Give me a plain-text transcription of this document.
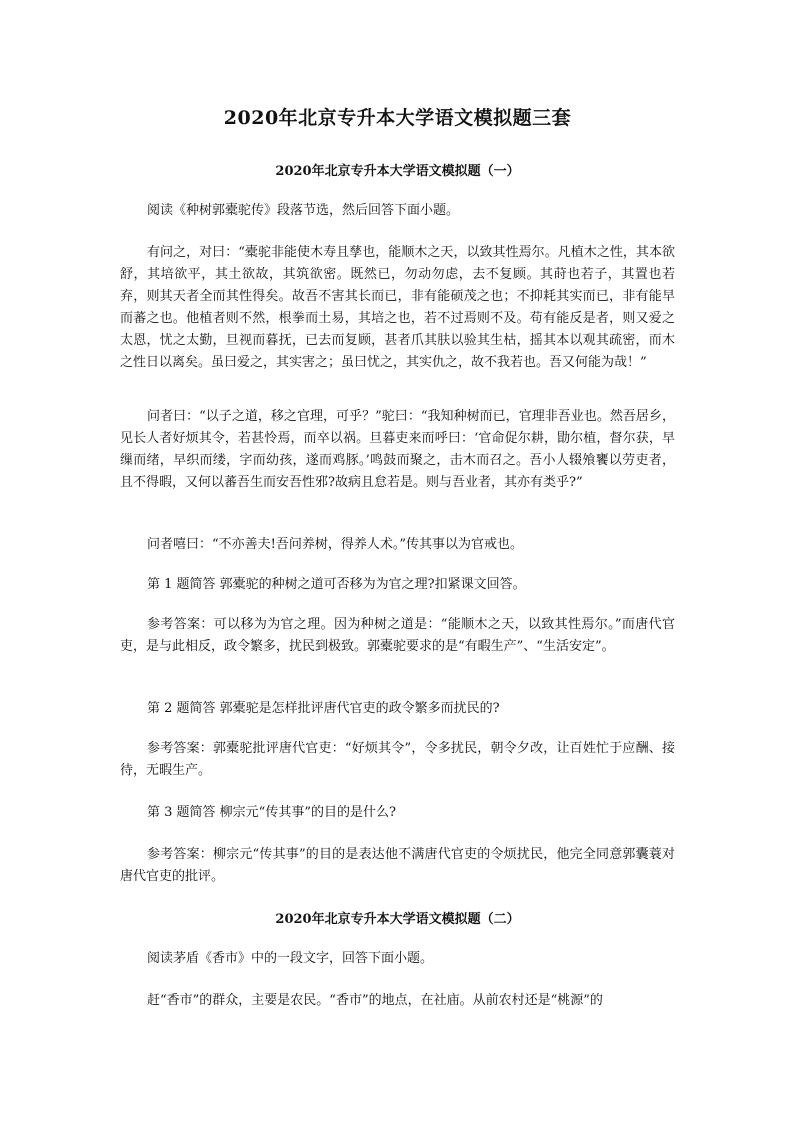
2020年北京专升本大学语文模拟题三套
2020年北京专升本大学语文模拟题（一）
阅读《种树郭橐驼传》段落节选，然后回答下面小题。
有问之，对曰：“橐驼非能使木寿且孳也，能顺木之天，以致其性焉尔。凡植木之性，其本欲舒，其培欲平，其土欲故，其筑欲密。既然已，勿动勿虑，去不复顾。其莳也若子，其置也若弃，则其天者全而其性得矣。故吾不害其长而已，非有能硕茂之也；不抑耗其实而已，非有能早而蕃之也。他植者则不然，根拳而土易，其培之也，若不过焉则不及。苟有能反是者，则又爱之太恩，忧之太勤，旦视而暮抚，已去而复顾，甚者爪其肤以验其生枯，摇其本以观其疏密，而木之性日以离矣。虽曰爱之，其实害之；虽曰忧之，其实仇之，故不我若也。吾又何能为哉！”
问者曰：“以子之道，移之官理，可乎？”驼曰：“我知种树而已，官理非吾业也。然吾居乡，见长人者好烦其令，若甚怜焉，而卒以祸。旦暮吏来而呼曰：‘官命促尔耕，勖尔植，督尔获，早缫而绪，早织而缕，字而幼孩，遂而鸡豚。’鸣鼓而聚之，击木而召之。吾小人辍飧饔以劳吏者，且不得暇，又何以蕃吾生而安吾性邪?故病且怠若是。则与吾业者，其亦有类乎?”
问者嘻曰：“不亦善夫!吾问养树，得养人术。”传其事以为官戒也。
第 1 题简答 郭橐驼的种树之道可否移为为官之理?扣紧课文回答。
参考答案：可以移为为官之理。因为种树之道是：“能顺木之天，以致其性焉尔。”而唐代官吏，是与此相反，政令繁多，扰民到极致。郭橐驼要求的是“有暇生产”、“生活安定”。
第 2 题简答 郭橐驼是怎样批评唐代官吏的政令繁多而扰民的?
参考答案：郭橐驼批评唐代官吏：“好烦其令”，令多扰民，朝令夕改，让百姓忙于应酬、接待，无暇生产。
第 3 题简答 柳宗元“传其事”的目的是什么?
参考答案：柳宗元“传其事”的目的是表达他不满唐代官吏的令烦扰民，他完全同意郭囊蓑对唐代官吏的批评。
2020年北京专升本大学语文模拟题（二）
阅读茅盾《香市》中的一段文字，回答下面小题。
赶“香市”的群众，主要是农民。“香市”的地点，在社庙。从前农村还是“桃源”的
